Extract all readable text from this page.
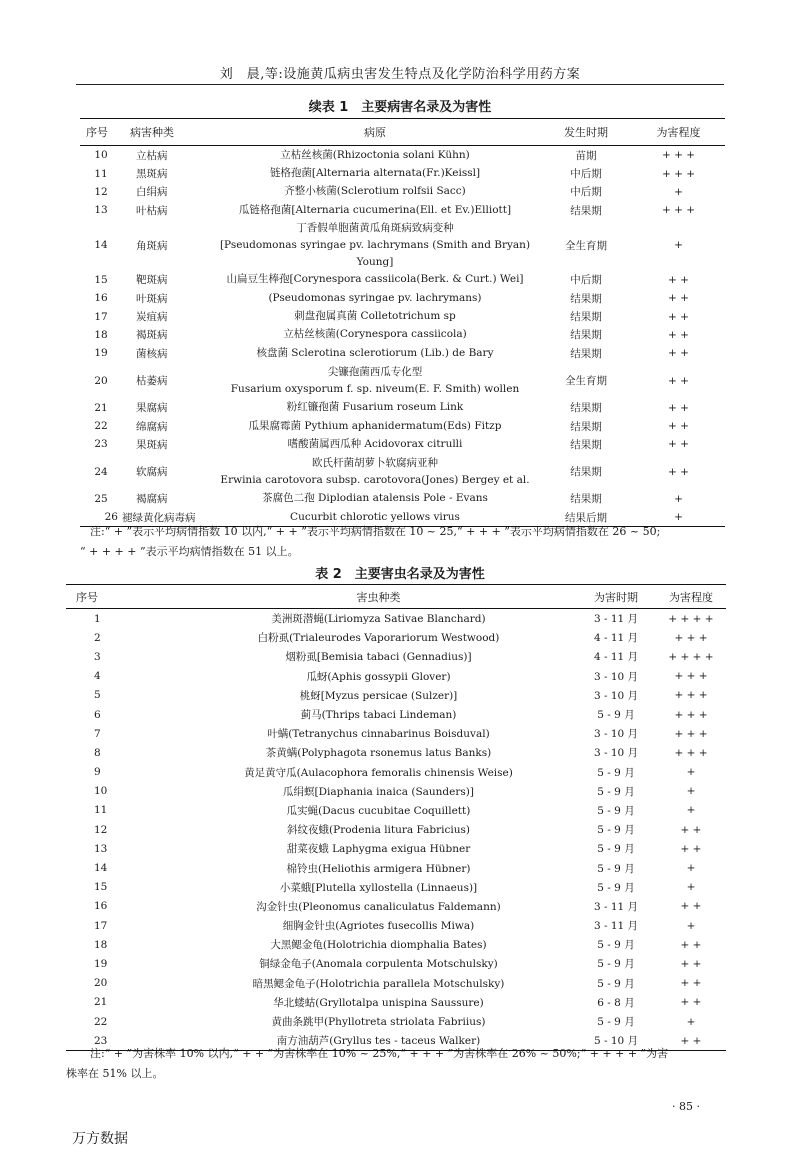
刘　晨,等:设施黄瓜病虫害发生特点及化学防治科学用药方案
续表 1　主要病害名录及为害性
序号	病害种类	病原	发生时期	为害程度
10	立枯病	立枯丝核菌(Rhizoctonia solani Kühn)	苗期	+ + +
11	黑斑病	链格孢菌[Alternaria alternata(Fr.)Keissl]	中后期	+ + +
12	白绢病	齐整小核菌(Sclerotium rolfsii Sacc)	中后期	+
13	叶枯病	瓜链格孢菌[Alternaria cucumerina(Ell. et Ev.)Elliott]	结果期	+ + +
14	角斑病	丁香假单胞菌黄瓜角斑病致病变种
[Pseudomonas syringae pv. lachrymans (Smith and Bryan) Young]	全生育期	+
15	靶斑病	山扁豆生棒孢[Corynespora cassiicola(Berk. & Curt.) Wei]	中后期	+ +
16	叶斑病	(Pseudomonas syringae pv. lachrymans)	结果期	+ +
17	炭疽病	刺盘孢属真菌 Colletotrichum sp	结果期	+ +
18	褐斑病	立枯丝核菌(Corynespora cassiicola)	结果期	+ +
19	菌核病	核盘菌 Sclerotina sclerotiorum (Lib.) de Bary	结果期	+ +
20	枯萎病	尖镰孢菌西瓜专化型
Fusarium oxysporum f. sp. niveum(E. F. Smith) wollen	全生育期	+ +
21	果腐病	粉红镰孢菌 Fusarium roseum Link	结果期	+ +
22	绵腐病	瓜果腐霉菌 Pythium aphanidermatum(Eds) Fitzp	结果期	+ +
23	果斑病	嗜酸菌属西瓜种 Acidovorax citrulli	结果期	+ +
24	软腐病	欧氏杆菌胡萝卜软腐病亚种
Erwinia carotovora subsp. carotovora(Jones) Bergey et al.	结果期	+ +
25	褐腐病	茶腐色二孢 Diplodian atalensis Pole - Evans	结果期	+
26	褪绿黄化病毒病	Cucurbit chlorotic yellows virus	结果后期	+
注:“ + ”表示平均病情指数 10 以内,“ + + ”表示平均病情指数在 10 ~ 25,“ + + + ”表示平均病情指数在 26 ~ 50;
“ + + + + ”表示平均病情指数在 51 以上。
表 2　主要害虫名录及为害性
序号	害虫种类	为害时期	为害程度
1	美洲斑潜蝇(Liriomyza Sativae Blanchard)	3 - 11 月	+ + + +
2	白粉虱(Trialeurodes Vaporariorum Westwood)	4 - 11 月	+ + +
3	烟粉虱[Bemisia tabaci (Gennadius)]	4 - 11 月	+ + + +
4	瓜蚜(Aphis gossypii Glover)	3 - 10 月	+ + +
5	桃蚜[Myzus persicae (Sulzer)]	3 - 10 月	+ + +
6	蓟马(Thrips tabaci Lindeman)	5 - 9 月	+ + +
7	叶螨(Tetranychus cinnabarinus Boisduval)	3 - 10 月	+ + +
8	茶黄螨(Polyphagota rsonemus latus Banks)	3 - 10 月	+ + +
9	黄足黄守瓜(Aulacophora femoralis chinensis Weise)	5 - 9 月	+
10	瓜绢螟[Diaphania inaica (Saunders)]	5 - 9 月	+
11	瓜实蝇(Dacus cucubitae Coquillett)	5 - 9 月	+
12	斜纹夜蛾(Prodenia litura Fabricius)	5 - 9 月	+ +
13	甜菜夜蛾 Laphygma exigua Hübner	5 - 9 月	+ +
14	棉铃虫(Heliothis armigera Hübner)	5 - 9 月	+
15	小菜蛾[Plutella xyllostella (Linnaeus)]	5 - 9 月	+
16	沟金针虫(Pleonomus canaliculatus Faldemann)	3 - 11 月	+ +
17	细胸金针虫(Agriotes fusecollis Miwa)	3 - 11 月	+
18	大黑鳃金龟(Holotrichia diomphalia Bates)	5 - 9 月	+ +
19	铜绿金龟子(Anomala corpulenta Motschulsky)	5 - 9 月	+ +
20	暗黑鳃金龟子(Holotrichia parallela Motschulsky)	5 - 9 月	+ +
21	华北蝼蛄(Gryllotalpa unispina Saussure)	6 - 8 月	+ +
22	黄曲条跳甲(Phyllotreta striolata Fabriius)	5 - 9 月	+
23	南方油葫芦(Gryllus tes - taceus Walker)	5 - 10 月	+ +
注:“ + ”为害株率 10% 以内,“ + + ”为害株率在 10% ~ 25%,“ + + + ”为害株率在 26% ~ 50%;“ + + + + ”为害
株率在 51% 以上。
· 85 ·
万方数据
